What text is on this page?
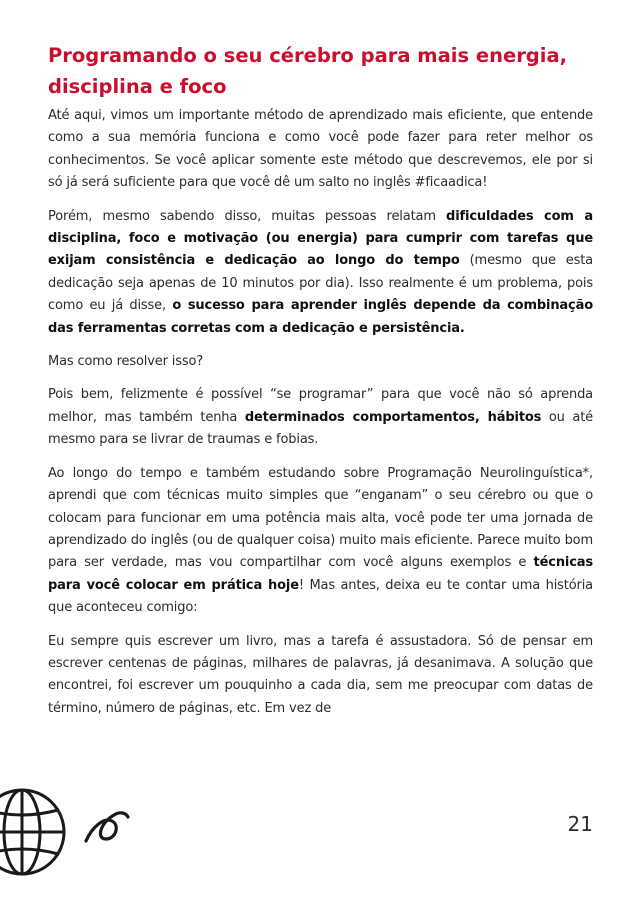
Programando o seu cérebro para mais energia, disciplina e foco

Até aqui, vimos um importante método de aprendizado mais eficiente, que entende como a sua memória funciona e como você pode fazer para reter melhor os conhecimentos. Se você aplicar somente este método que descrevemos, ele por si só já será suficiente para que você dê um salto no inglês #ficaadica!

Porém, mesmo sabendo disso, muitas pessoas relatam dificuldades com a disciplina, foco e motivação (ou energia) para cumprir com tarefas que exijam consistência e dedicação ao longo do tempo (mesmo que esta dedicação seja apenas de 10 minutos por dia). Isso realmente é um problema, pois como eu já disse, o sucesso para aprender inglês depende da combinação das ferramentas corretas com a dedicação e persistência.

Mas como resolver isso?

Pois bem, felizmente é possível “se programar” para que você não só aprenda melhor, mas também tenha determinados comportamentos, hábitos ou até mesmo para se livrar de traumas e fobias.

Ao longo do tempo e também estudando sobre Programação Neurolinguística*, aprendi que com técnicas muito simples que “enganam” o seu cérebro ou que o colocam para funcionar em uma potência mais alta, você pode ter uma jornada de aprendizado do inglês (ou de qualquer coisa) muito mais eficiente. Parece muito bom para ser verdade, mas vou compartilhar com você alguns exemplos e técnicas para você colocar em prática hoje! Mas antes, deixa eu te contar uma história que aconteceu comigo:

Eu sempre quis escrever um livro, mas a tarefa é assustadora. Só de pensar em escrever centenas de páginas, milhares de palavras, já desanimava. A solução que encontrei, foi escrever um pouquinho a cada dia, sem me preocupar com datas de término, número de páginas, etc. Em vez de

21
